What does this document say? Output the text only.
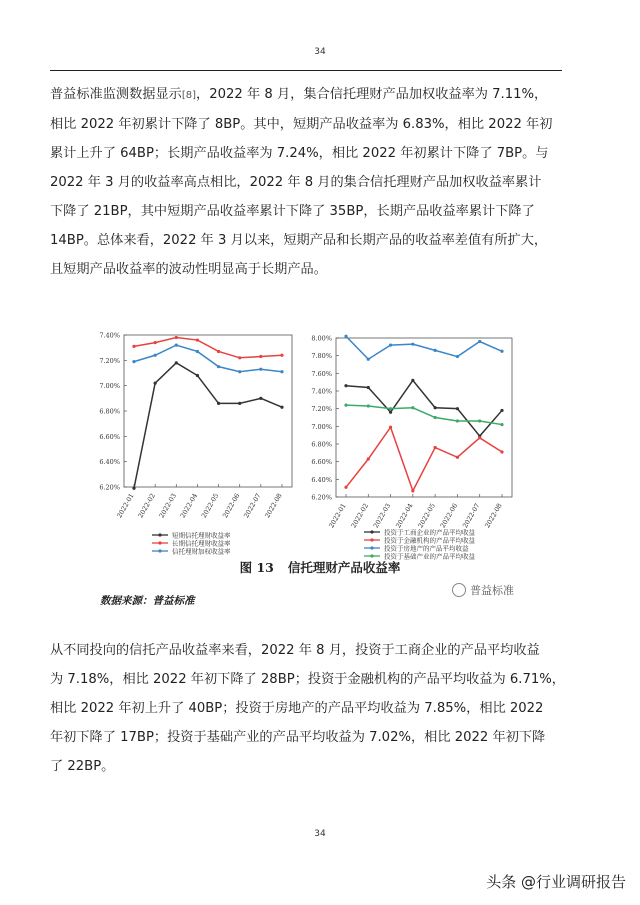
34
普益标准监测数据显示[8]，2022 年 8 月，集合信托理财产品加权收益率为 7.11%，
相比 2022 年初累计下降了 8BP。其中，短期产品收益率为 6.83%，相比 2022 年初
累计上升了 64BP；长期产品收益率为 7.24%，相比 2022 年初累计下降了 7BP。与
2022 年 3 月的收益率高点相比，2022 年 8 月的集合信托理财产品加权收益率累计
下降了 21BP，其中短期产品收益率累计下降了 35BP，长期产品收益率累计下降了
14BP。总体来看，2022 年 3 月以来，短期产品和长期产品的收益率差值有所扩大，
且短期产品收益率的波动性明显高于长期产品。
6.20%
6.40%
6.60%
6.80%
7.00%
7.20%
7.40%
2022-01 2022-02 2022-03 2022-04 2022-05 2022-06 2022-07 2022-08	6.20%
6.40%
6.60%
6.80%
7.00%
7.20%
7.40%
7.60%
7.80%
8.00%
2022-01 2022-02 2022-03 2022-04 2022-05 2022-06 2022-07 2022-08
短期信托理财收益率
长期信托理财收益率
信托理财加权收益率
投资于工商企业的产品平均收益
投资于金融机构的产品平均收益
投资于房地产的产品平均收益
投资于基础产业的产品平均收益
图 13 信托理财产品收益率
数据来源：普益标准
普益标准
从不同投向的信托产品收益率来看，2022 年 8 月，投资于工商企业的产品平均收益
为 7.18%，相比 2022 年初下降了 28BP；投资于金融机构的产品平均收益为 6.71%，
相比 2022 年初上升了 40BP；投资于房地产的产品平均收益为 7.85%，相比 2022
年初下降了 17BP；投资于基础产业的产品平均收益为 7.02%，相比 2022 年初下降
了 22BP。
34
头条 @行业调研报告
